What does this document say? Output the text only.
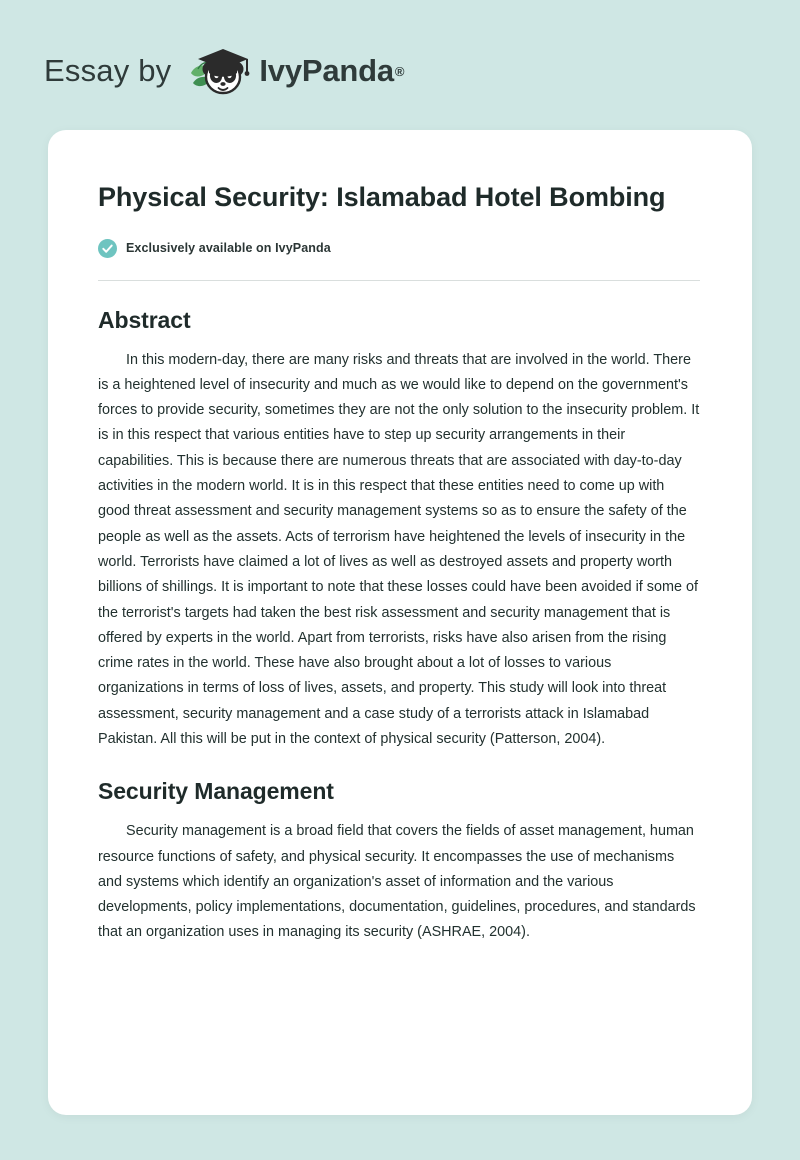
Essay by	IvyPanda ®
Physical Security: Islamabad Hotel Bombing
Exclusively available on IvyPanda
Abstract

In this modern-day, there are many risks and threats that are involved in the world. There is a heightened level of insecurity and much as we would like to depend on the government's forces to provide security, sometimes they are not the only solution to the insecurity problem. It is in this respect that various entities have to step up security arrangements in their capabilities. This is because there are numerous threats that are associated with day-to-day activities in the modern world. It is in this respect that these entities need to come up with good threat assessment and security management systems so as to ensure the safety of the people as well as the assets. Acts of terrorism have heightened the levels of insecurity in the world. Terrorists have claimed a lot of lives as well as destroyed assets and property worth billions of shillings. It is important to note that these losses could have been avoided if some of the terrorist's targets had taken the best risk assessment and security management that is offered by experts in the world. Apart from terrorists, risks have also arisen from the rising crime rates in the world. These have also brought about a lot of losses to various organizations in terms of loss of lives, assets, and property. This study will look into threat assessment, security management and a case study of a terrorists attack in Islamabad Pakistan. All this will be put in the context of physical security (Patterson, 2004).

Security Management

Security management is a broad field that covers the fields of asset management, human resource functions of safety, and physical security. It encompasses the use of mechanisms and systems which identify an organization's asset of information and the various developments, policy implementations, documentation, guidelines, procedures, and standards that an organization uses in managing its security (ASHRAE, 2004).
